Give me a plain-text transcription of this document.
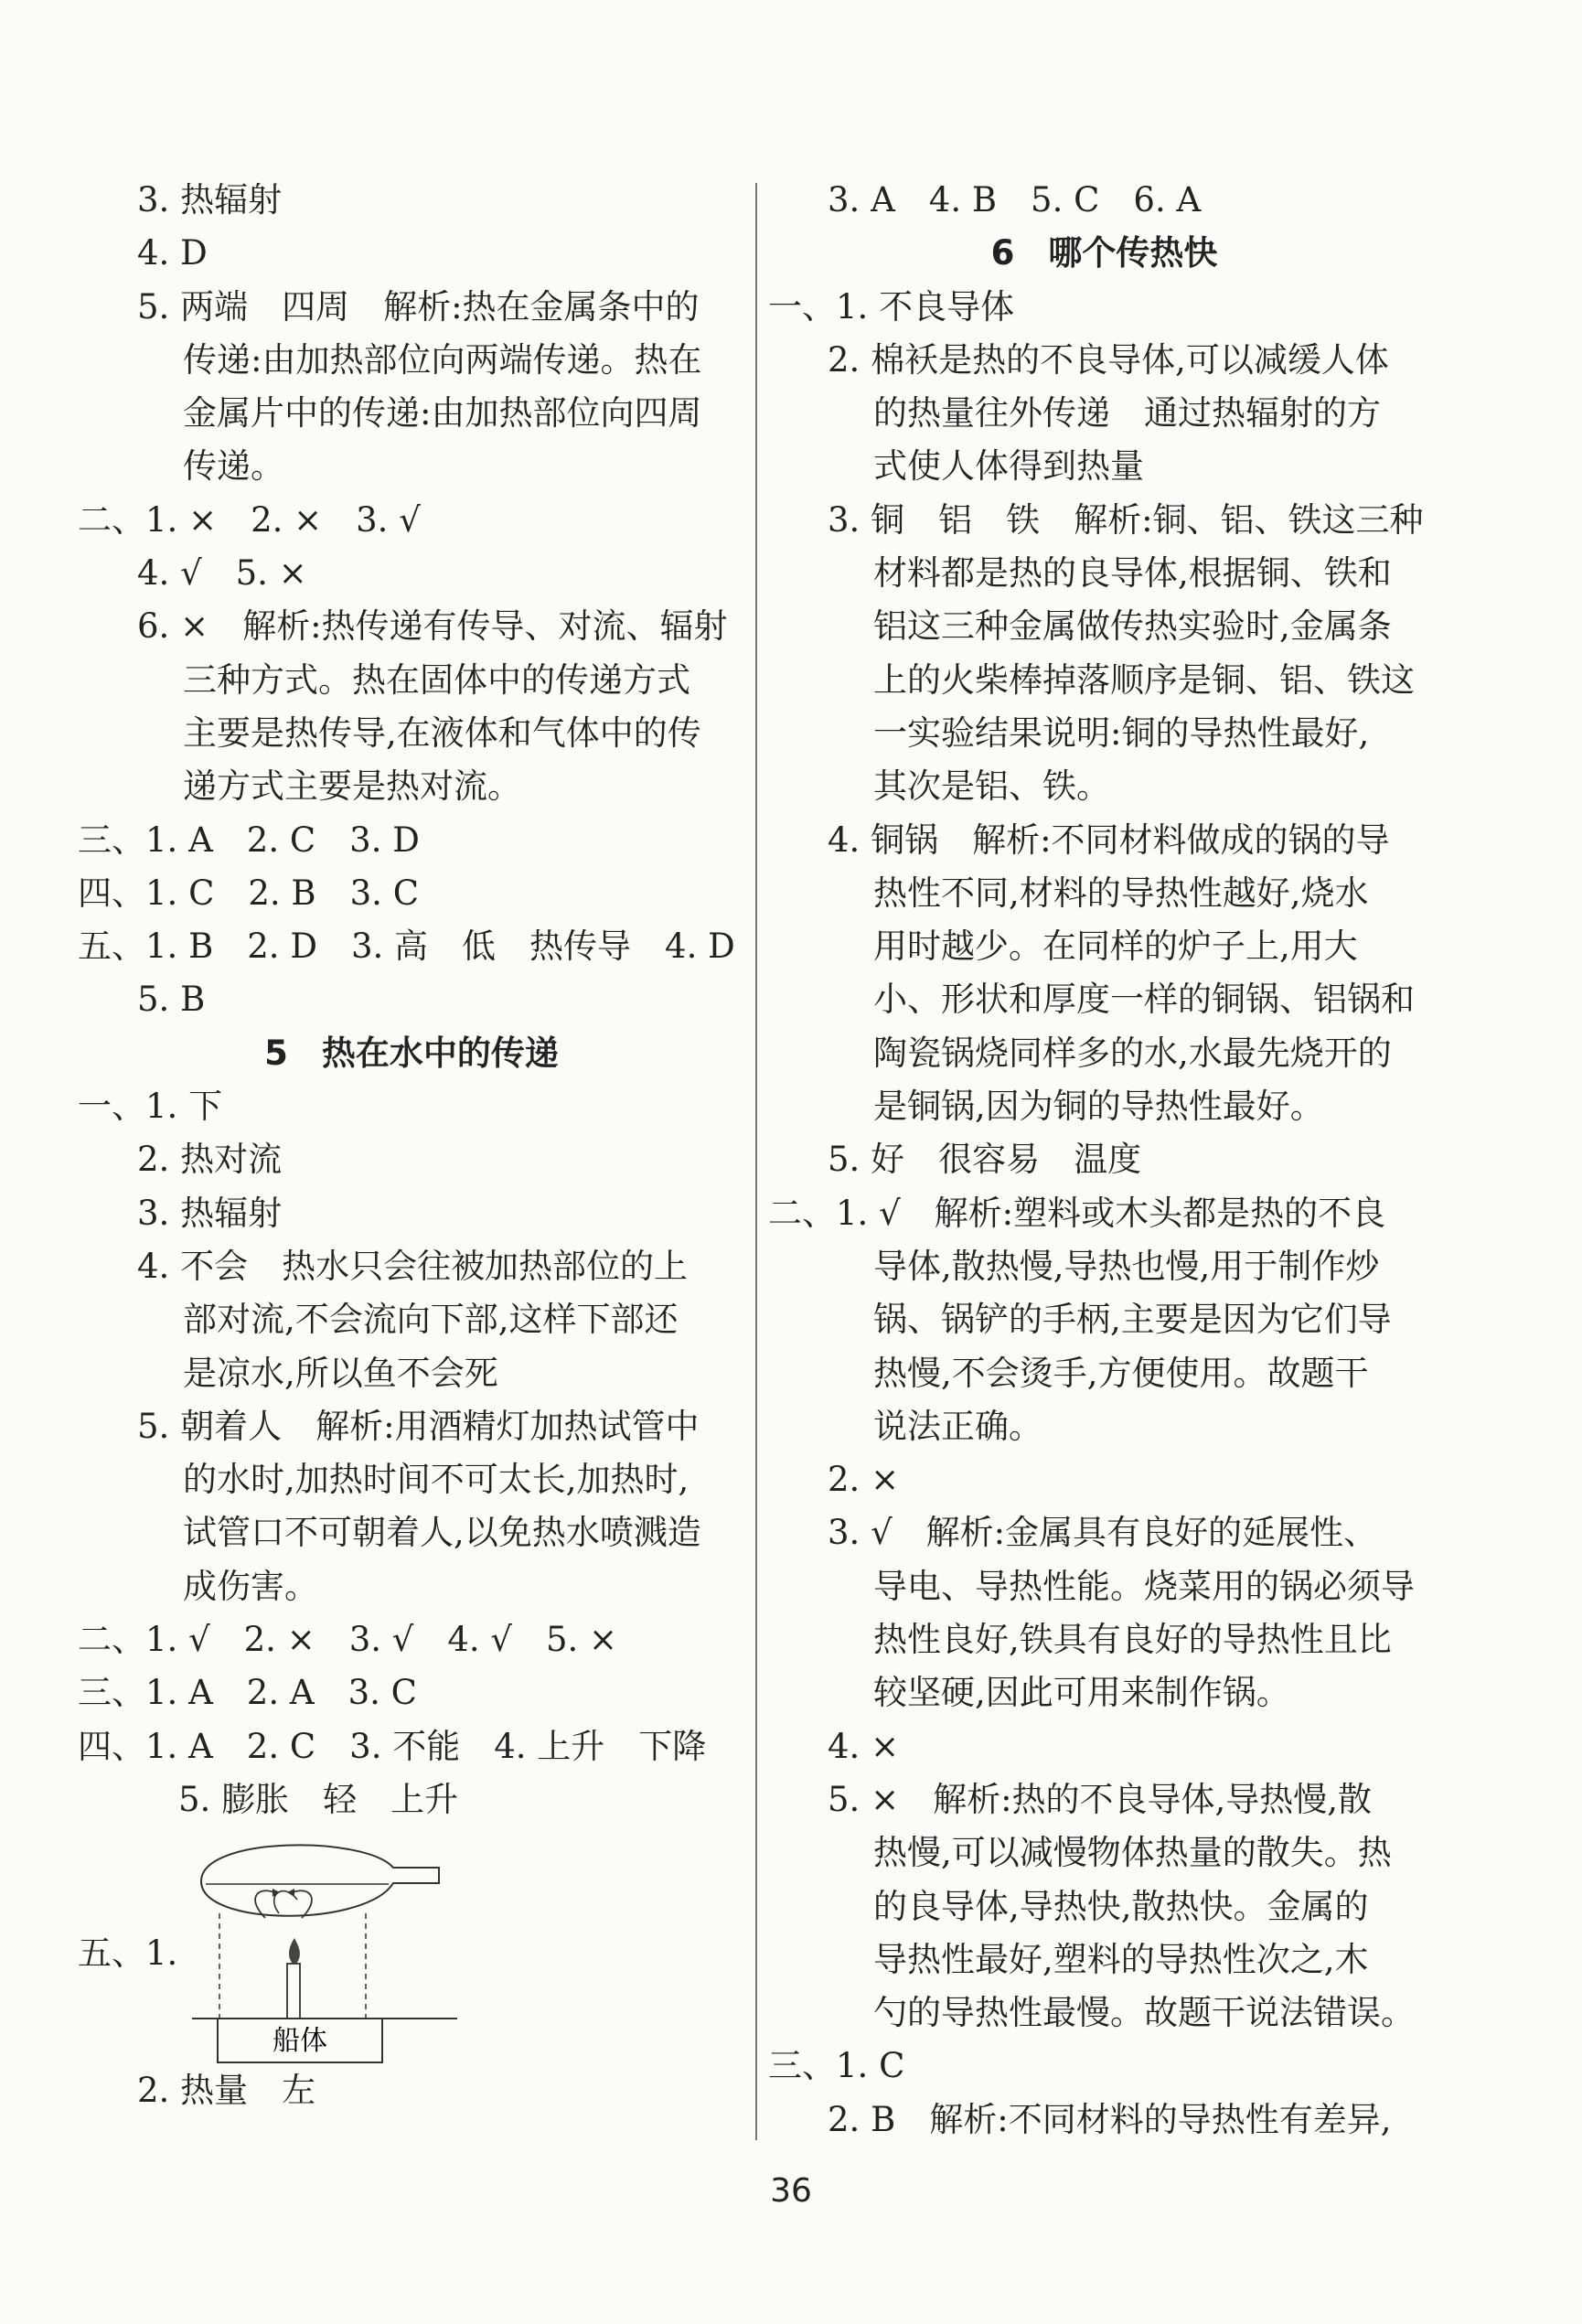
3. 热辐射
4. D
5. 两端　四周　解析:热在金属条中的
传递:由加热部位向两端传递。热在
金属片中的传递:由加热部位向四周
传递。
二、1. ×　2. ×　3. √
4. √　5. ×
6. ×　解析:热传递有传导、对流、辐射
三种方式。热在固体中的传递方式
主要是热传导,在液体和气体中的传
递方式主要是热对流。
三、1. A　2. C　3. D
四、1. C　2. B　3. C
五、1. B　2. D　3. 高　低　热传导　4. D
5. B
5　热在水中的传递
一、1. 下
2. 热对流
3. 热辐射
4. 不会　热水只会往被加热部位的上
部对流,不会流向下部,这样下部还
是凉水,所以鱼不会死
5. 朝着人　解析:用酒精灯加热试管中
的水时,加热时间不可太长,加热时,
试管口不可朝着人,以免热水喷溅造
成伤害。
二、1. √　2. ×　3. √　4. √　5. ×
三、1. A　2. A　3. C
四、1. A　2. C　3. 不能　4. 上升　下降
5. 膨胀　轻　上升
五、1.
船体
2. 热量　左
3. A　4. B　5. C　6. A
6　哪个传热快
一、1. 不良导体
2. 棉袄是热的不良导体,可以减缓人体
的热量往外传递　通过热辐射的方
式使人体得到热量
3. 铜　铝　铁　解析:铜、铝、铁这三种
材料都是热的良导体,根据铜、铁和
铝这三种金属做传热实验时,金属条
上的火柴棒掉落顺序是铜、铝、铁这
一实验结果说明:铜的导热性最好,
其次是铝、铁。
4. 铜锅　解析:不同材料做成的锅的导
热性不同,材料的导热性越好,烧水
用时越少。在同样的炉子上,用大
小、形状和厚度一样的铜锅、铝锅和
陶瓷锅烧同样多的水,水最先烧开的
是铜锅,因为铜的导热性最好。
5. 好　很容易　温度
二、1. √　解析:塑料或木头都是热的不良
导体,散热慢,导热也慢,用于制作炒
锅、锅铲的手柄,主要是因为它们导
热慢,不会烫手,方便使用。故题干
说法正确。
2. ×
3. √　解析:金属具有良好的延展性、
导电、导热性能。烧菜用的锅必须导
热性良好,铁具有良好的导热性且比
较坚硬,因此可用来制作锅。
4. ×
5. ×　解析:热的不良导体,导热慢,散
热慢,可以减慢物体热量的散失。热
的良导体,导热快,散热快。金属的
导热性最好,塑料的导热性次之,木
勺的导热性最慢。故题干说法错误。
三、1. C
2. B　解析:不同材料的导热性有差异,
36
